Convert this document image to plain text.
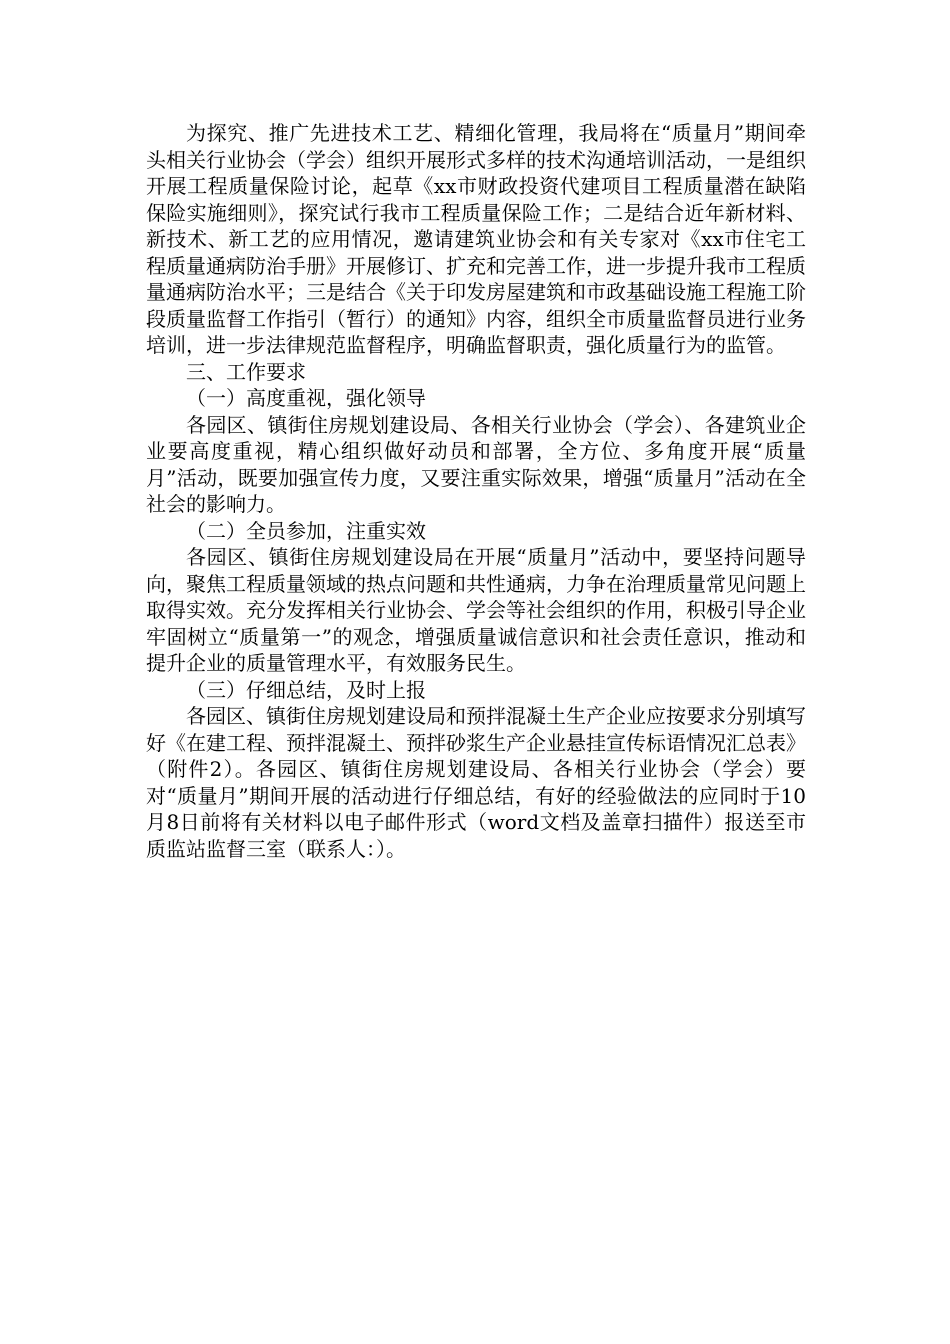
为探究、推广先进技术工艺、精细化管理，我局将在“质量月”期间牵头相关行业协会（学会）组织开展形式多样的技术沟通培训活动，一是组织开展工程质量保险讨论，起草《xx市财政投资代建项目工程质量潜在缺陷保险实施细则》，探究试行我市工程质量保险工作；二是结合近年新材料、新技术、新工艺的应用情况，邀请建筑业协会和有关专家对《xx市住宅工程质量通病防治手册》开展修订、扩充和完善工作，进一步提升我市工程质量通病防治水平；三是结合《关于印发房屋建筑和市政基础设施工程施工阶段质量监督工作指引（暂行）的通知》内容，组织全市质量监督员进行业务培训，进一步法律规范监督程序，明确监督职责，强化质量行为的监管。

三、工作要求

（一）高度重视，强化领导

各园区、镇街住房规划建设局、各相关行业协会（学会）、各建筑业企业要高度重视，精心组织做好动员和部署，全方位、多角度开展“质量月”活动，既要加强宣传力度，又要注重实际效果，增强“质量月”活动在全社会的影响力。

（二）全员参加，注重实效

各园区、镇街住房规划建设局在开展“质量月”活动中，要坚持问题导向，聚焦工程质量领域的热点问题和共性通病，力争在治理质量常见问题上取得实效。充分发挥相关行业协会、学会等社会组织的作用，积极引导企业牢固树立“质量第一”的观念，增强质量诚信意识和社会责任意识，推动和提升企业的质量管理水平，有效服务民生。

（三）仔细总结，及时上报

各园区、镇街住房规划建设局和预拌混凝土生产企业应按要求分别填写好《在建工程、预拌混凝土、预拌砂浆生产企业悬挂宣传标语情况汇总表》（附件2）。各园区、镇街住房规划建设局、各相关行业协会（学会）要对“质量月”期间开展的活动进行仔细总结，有好的经验做法的应同时于10月8日前将有关材料以电子邮件形式（word文档及盖章扫描件）报送至市质监站监督三室（联系人：）。
